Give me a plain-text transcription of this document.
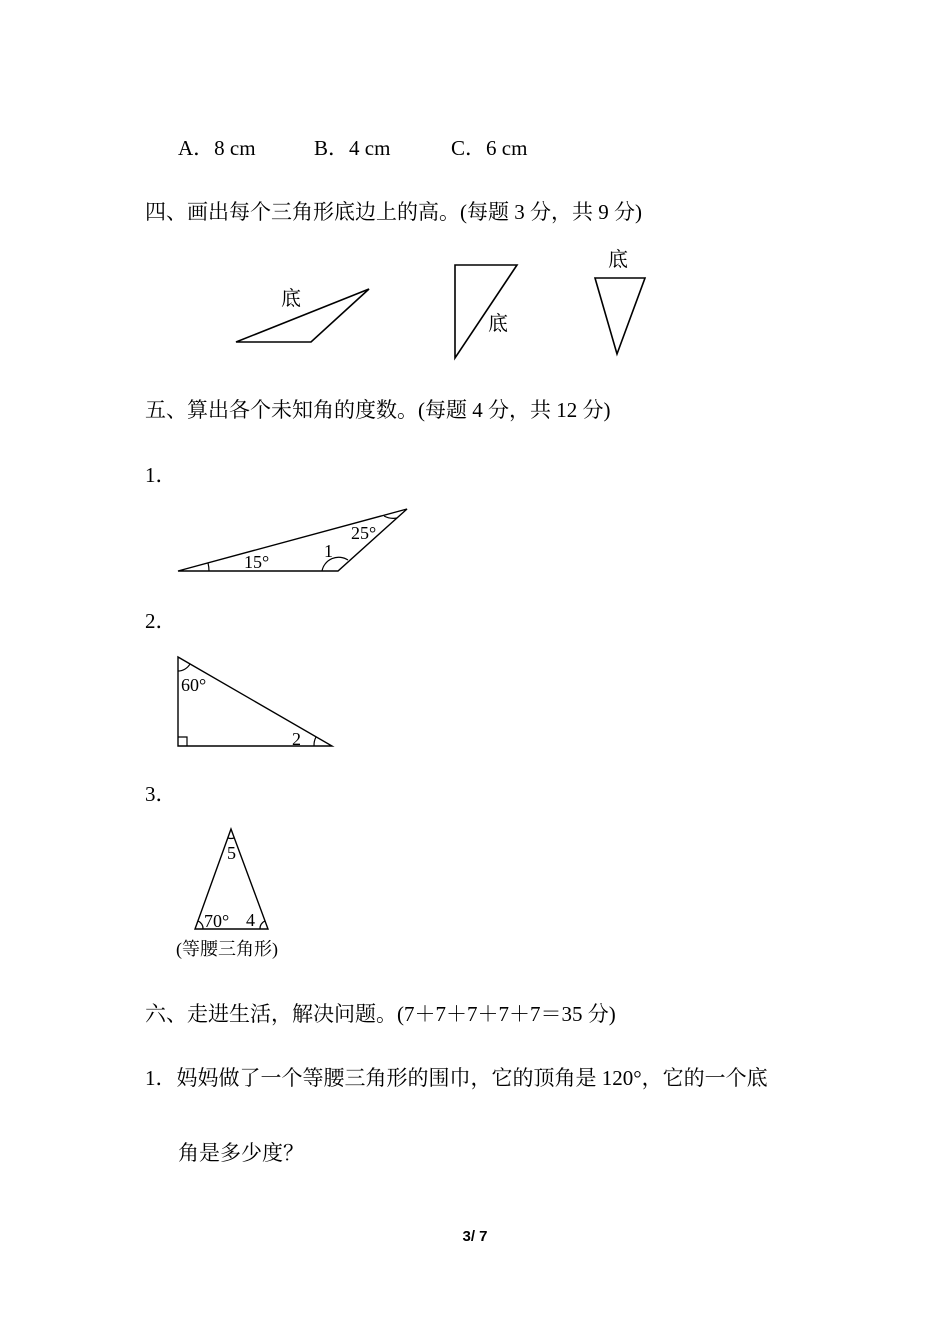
A．8 cm	B．4 cm	C．6 cm
四、画出每个三角形底边上的高。(每题 3 分，共 9 分)
底
底
底
五、算出各个未知角的度数。(每题 4 分，共 12 分)
1．
15°
1
25°
2．
60°
2
3．
5
70° 4
(等腰三角形)
六、走进生活，解决问题。(7＋7＋7＋7＋7＝35 分)
1．妈妈做了一个等腰三角形的围巾，它的顶角是 120°，它的一个底
角是多少度？
3/ 7
